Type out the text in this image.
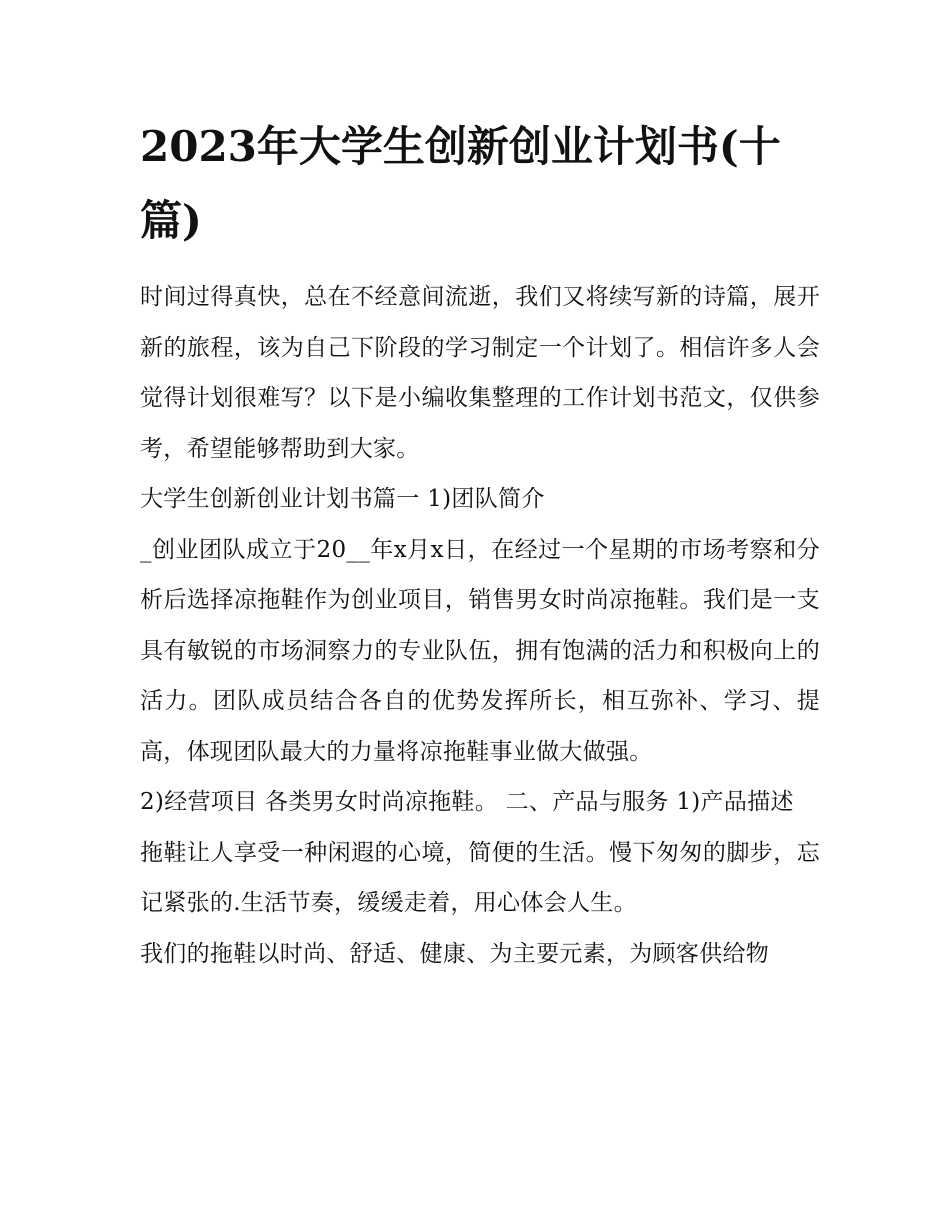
2023年大学生创新创业计划书(十篇)

时间过得真快，总在不经意间流逝，我们又将续写新的诗篇，展开新的旅程，该为自己下阶段的学习制定一个计划了。相信许多人会觉得计划很难写？以下是小编收集整理的工作计划书范文，仅供参考，希望能够帮助到大家。

大学生创新创业计划书篇一 1)团队简介

_创业团队成立于20__年x月x日，在经过一个星期的市场考察和分析后选择凉拖鞋作为创业项目，销售男女时尚凉拖鞋。我们是一支具有敏锐的市场洞察力的专业队伍，拥有饱满的活力和积极向上的活力。团队成员结合各自的优势发挥所长，相互弥补、学习、提高，体现团队最大的力量将凉拖鞋事业做大做强。

2)经营项目 各类男女时尚凉拖鞋。 二、产品与服务 1)产品描述

拖鞋让人享受一种闲遐的心境，简便的生活。慢下匆匆的脚步，忘记紧张的.生活节奏，缓缓走着，用心体会人生。

我们的拖鞋以时尚、舒适、健康、为主要元素，为顾客供给物
